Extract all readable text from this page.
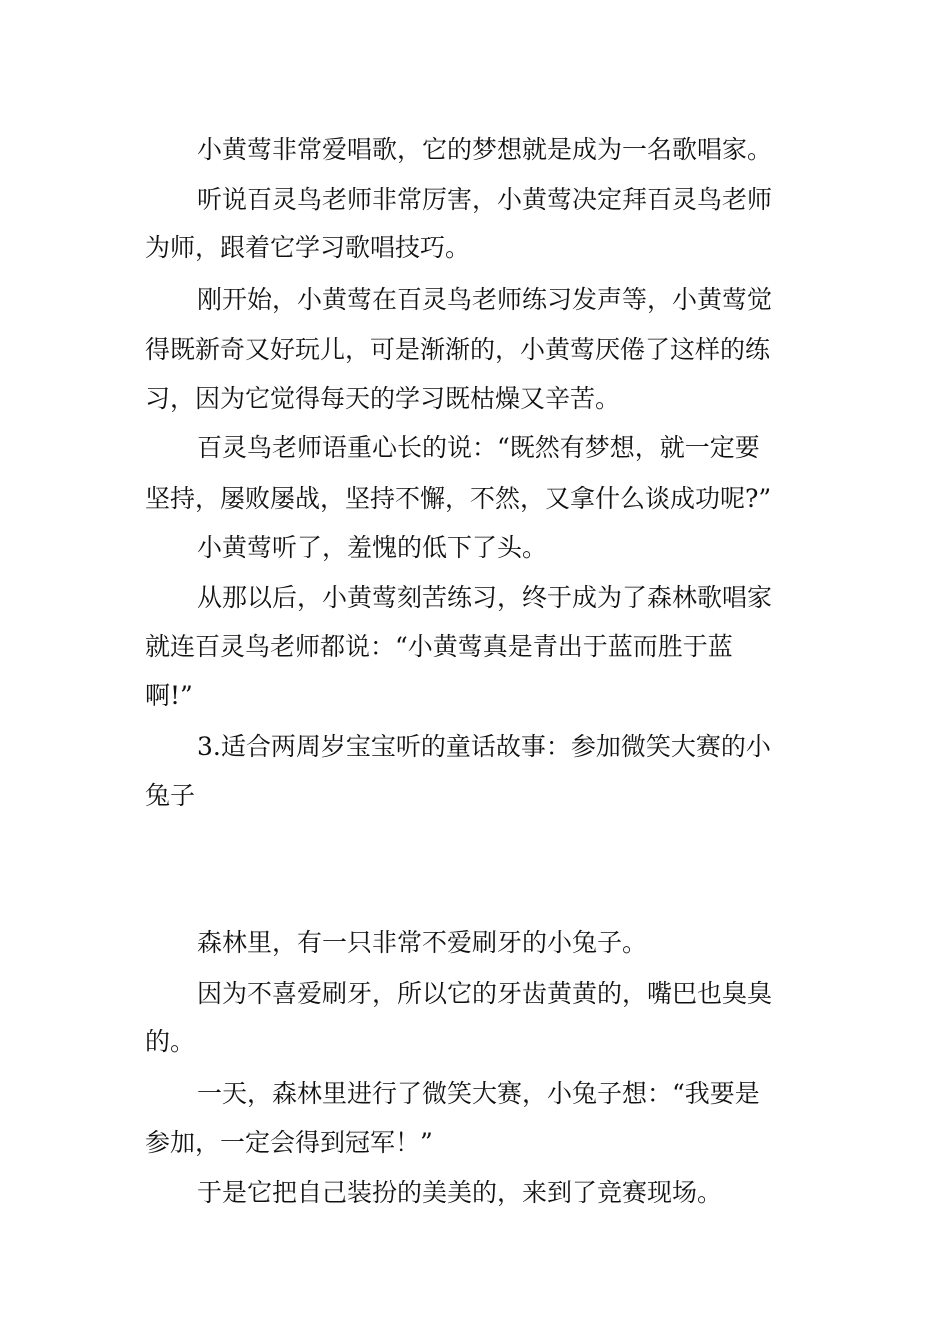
小黄莺非常爱唱歌，它的梦想就是成为一名歌唱家。
听说百灵鸟老师非常厉害，小黄莺决定拜百灵鸟老师
为师，跟着它学习歌唱技巧。
刚开始，小黄莺在百灵鸟老师练习发声等，小黄莺觉
得既新奇又好玩儿，可是渐渐的，小黄莺厌倦了这样的练
习，因为它觉得每天的学习既枯燥又辛苦。
百灵鸟老师语重心长的说：“既然有梦想，就一定要
坚持，屡败屡战，坚持不懈，不然，又拿什么谈成功呢?”
小黄莺听了，羞愧的低下了头。
从那以后，小黄莺刻苦练习，终于成为了森林歌唱家
就连百灵鸟老师都说：“小黄莺真是青出于蓝而胜于蓝
啊!”
3.适合两周岁宝宝听的童话故事：参加微笑大赛的小
兔子
森林里，有一只非常不爱刷牙的小兔子。
因为不喜爱刷牙，所以它的牙齿黄黄的，嘴巴也臭臭
的。
一天，森林里进行了微笑大赛，小兔子想：“我要是
参加，一定会得到冠军！”
于是它把自己装扮的美美的，来到了竞赛现场。
